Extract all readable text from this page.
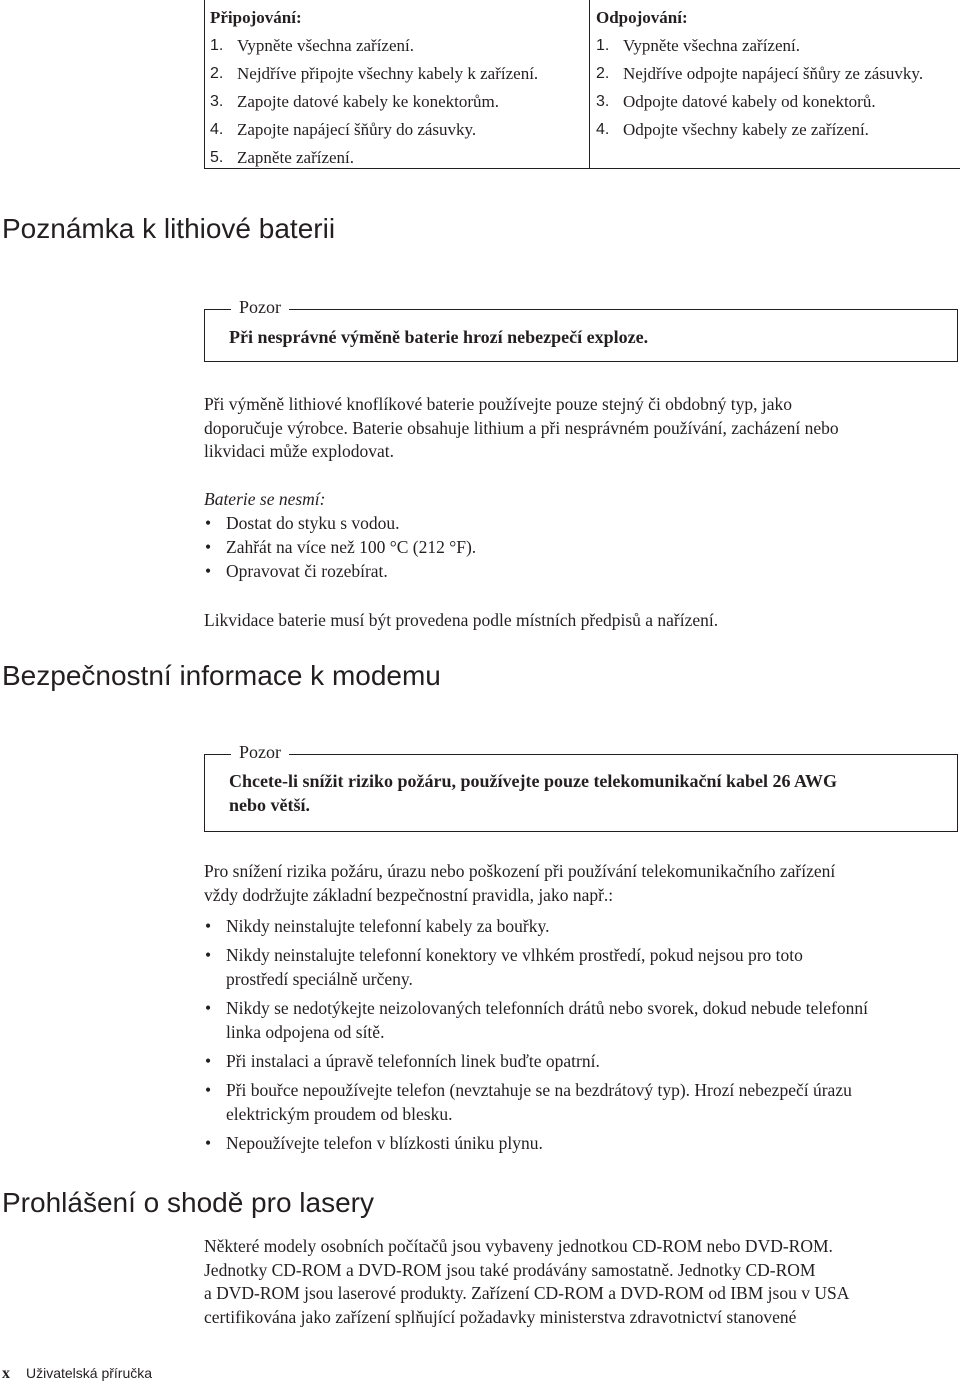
Připojování:
1. Vypněte všechna zařízení.
2. Nejdříve připojte všechny kabely k zařízení.
3. Zapojte datové kabely ke konektorům.
4. Zapojte napájecí šňůry do zásuvky.
5. Zapněte zařízení.
Odpojování:
1. Vypněte všechna zařízení.
2. Nejdříve odpojte napájecí šňůry ze zásuvky.
3. Odpojte datové kabely od konektorů.
4. Odpojte všechny kabely ze zařízení.
Poznámka k lithiové baterii
Pozor
Při nesprávné výměně baterie hrozí nebezpečí exploze.

Při výměně lithiové knoflíkové baterie používejte pouze stejný či obdobný typ, jako
doporučuje výrobce. Baterie obsahuje lithium a při nesprávném používání, zacházení nebo
likvidaci může explodovat.

Baterie se nesmí:

• Dostat do styku s vodou.
• Zahřát na více než 100 °C (212 °F).
• Opravovat či rozebírat.

Likvidace baterie musí být provedena podle místních předpisů a nařízení.

Bezpečnostní informace k modemu
Pozor
Chcete-li snížit riziko požáru, používejte pouze telekomunikační kabel 26 AWG
nebo větší.

Pro snížení rizika požáru, úrazu nebo poškození při používání telekomunikačního zařízení
vždy dodržujte základní bezpečnostní pravidla, jako např.:

• Nikdy neinstalujte telefonní kabely za bouřky.
• Nikdy neinstalujte telefonní konektory ve vlhkém prostředí, pokud nejsou pro toto
prostředí speciálně určeny.
• Nikdy se nedotýkejte neizolovaných telefonních drátů nebo svorek, dokud nebude telefonní
linka odpojena od sítě.
• Při instalaci a úpravě telefonních linek buďte opatrní.
• Při bouřce nepoužívejte telefon (nevztahuje se na bezdrátový typ). Hrozí nebezpečí úrazu
elektrickým proudem od blesku.
• Nepoužívejte telefon v blízkosti úniku plynu.
Prohlášení o shodě pro lasery

Některé modely osobních počítačů jsou vybaveny jednotkou CD-ROM nebo DVD-ROM.
Jednotky CD-ROM a DVD-ROM jsou také prodávány samostatně. Jednotky CD-ROM
a DVD-ROM jsou laserové produkty. Zařízení CD-ROM a DVD-ROM od IBM jsou v USA
certifikována jako zařízení splňující požadavky ministerstva zdravotnictví stanovené

x Uživatelská příručka
